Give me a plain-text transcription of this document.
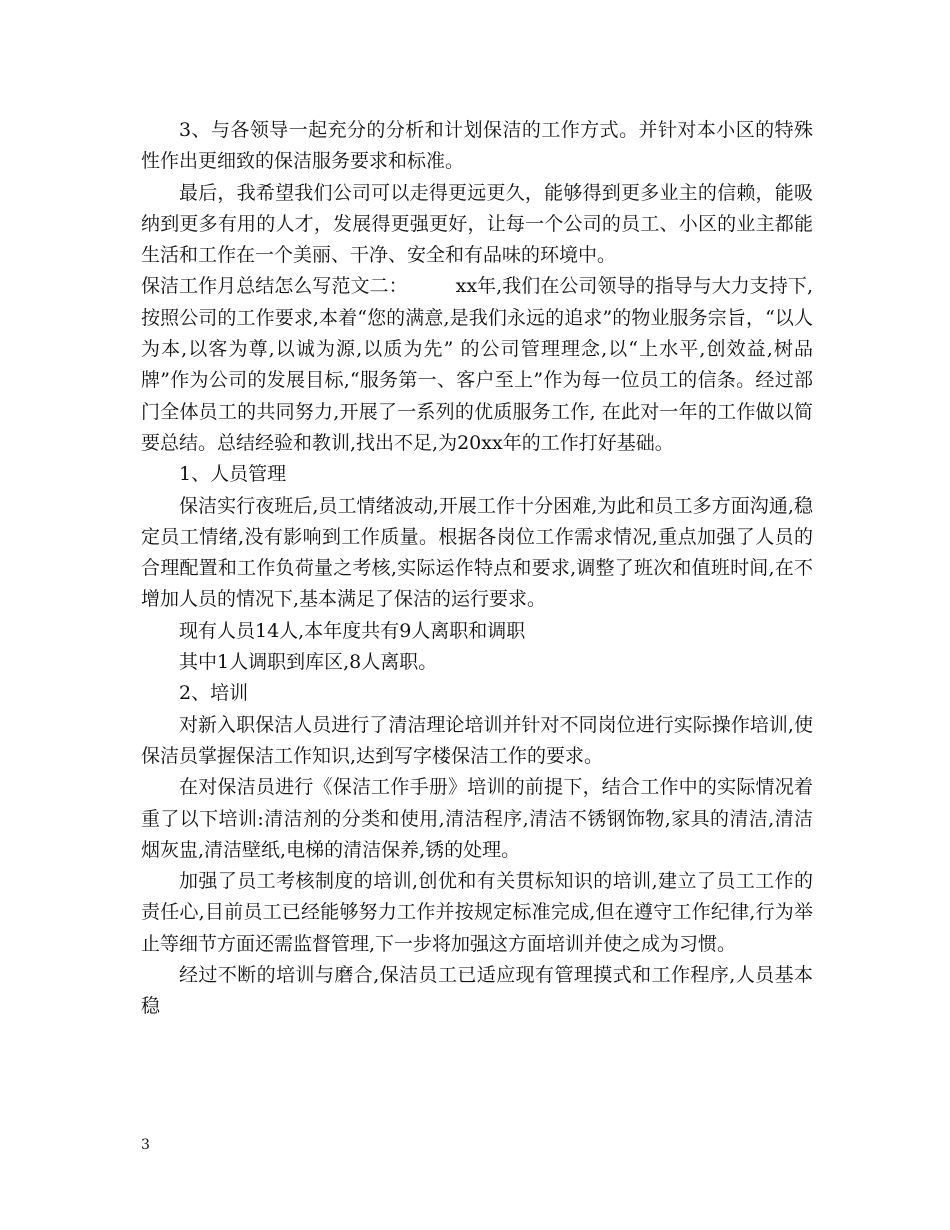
3、与各领导一起充分的分析和计划保洁的工作方式。并针对本小区的特殊性作出更细致的保洁服务要求和标准。

最后，我希望我们公司可以走得更远更久，能够得到更多业主的信赖，能吸纳到更多有用的人才，发展得更强更好，让每一个公司的员工、小区的业主都能生活和工作在一个美丽、干净、安全和有品味的环境中。

保洁工作月总结怎么写范文二：	xx年,我们在公司领导的指导与大力支持下,按照公司的工作要求,本着“您的满意,是我们永远的追求”的物业服务宗旨，“以人为本,以客为尊,以诚为源,以质为先” 的公司管理理念,以“上水平,创效益,树品牌”作为公司的发展目标,“服务第一、客户至上”作为每一位员工的信条。经过部门全体员工的共同努力,开展了一系列的优质服务工作, 在此对一年的工作做以简要总结。总结经验和教训,找出不足,为20xx年的工作打好基础。

1、人员管理

保洁实行夜班后,员工情绪波动,开展工作十分困难,为此和员工多方面沟通,稳定员工情绪,没有影响到工作质量。根据各岗位工作需求情况,重点加强了人员的合理配置和工作负荷量之考核,实际运作特点和要求,调整了班次和值班时间,在不增加人员的情况下,基本满足了保洁的运行要求。

现有人员14人,本年度共有9人离职和调职

其中1人调职到库区,8人离职。

2、培训

对新入职保洁人员进行了清洁理论培训并针对不同岗位进行实际操作培训,使保洁员掌握保洁工作知识,达到写字楼保洁工作的要求。

在对保洁员进行《保洁工作手册》培训的前提下，结合工作中的实际情况着重了以下培训:清洁剂的分类和使用,清洁程序,清洁不锈钢饰物,家具的清洁,清洁烟灰盅,清洁壁纸,电梯的清洁保养,锈的处理。

加强了员工考核制度的培训,创优和有关贯标知识的培训,建立了员工工作的责任心,目前员工已经能够努力工作并按规定标准完成,但在遵守工作纪律,行为举止等细节方面还需监督管理,下一步将加强这方面培训并使之成为习惯。

经过不断的培训与磨合,保洁员工已适应现有管理摸式和工作程序,人员基本稳

3
